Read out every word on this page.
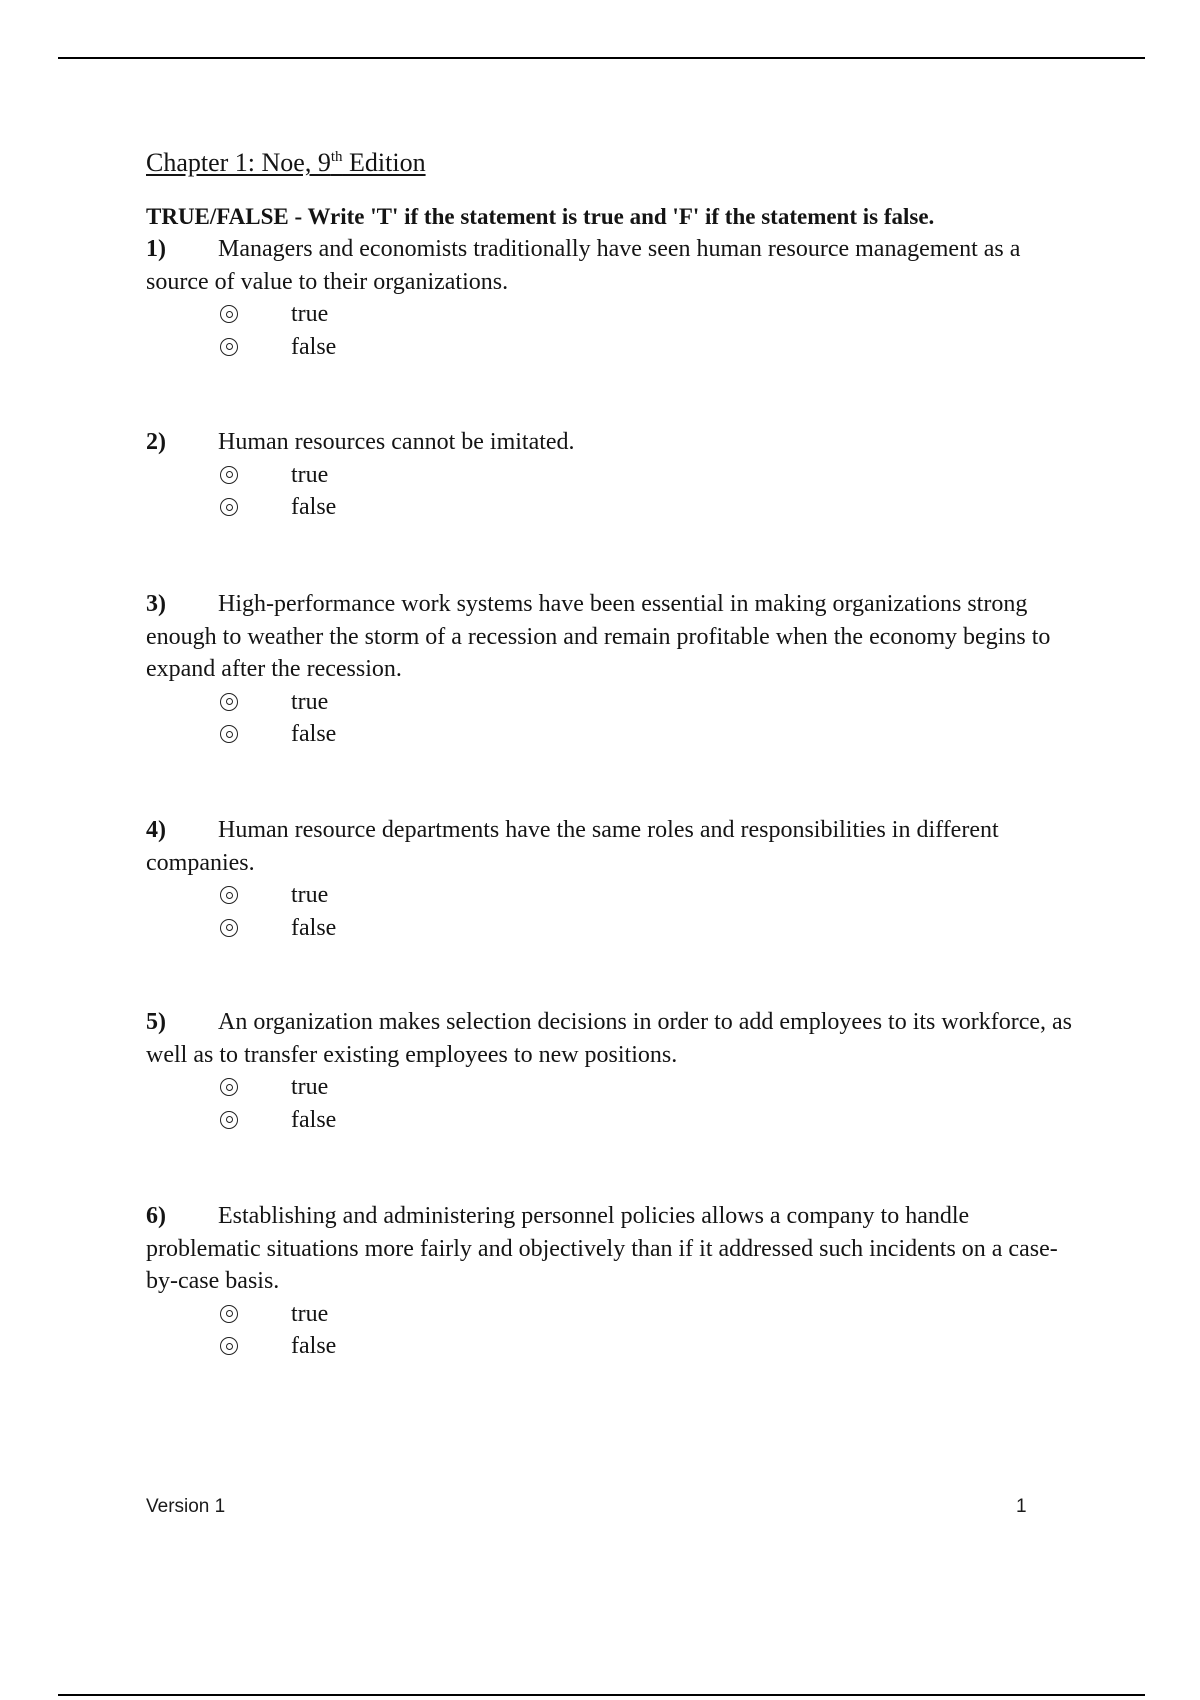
Chapter 1: Noe, 9th Edition
TRUE/FALSE - Write 'T' if the statement is true and 'F' if the statement is false.
1) Managers and economists traditionally have seen human resource management as a
source of value to their organizations.
true
false
2) Human resources cannot be imitated.
true
false
3) High-performance work systems have been essential in making organizations strong
enough to weather the storm of a recession and remain profitable when the economy begins to
expand after the recession.
true
false
4) Human resource departments have the same roles and responsibilities in different
companies.
true
false
5) An organization makes selection decisions in order to add employees to its workforce, as
well as to transfer existing employees to new positions.
true
false
6) Establishing and administering personnel policies allows a company to handle
problematic situations more fairly and objectively than if it addressed such incidents on a case-
by-case basis.
true
false
Version 1	1
